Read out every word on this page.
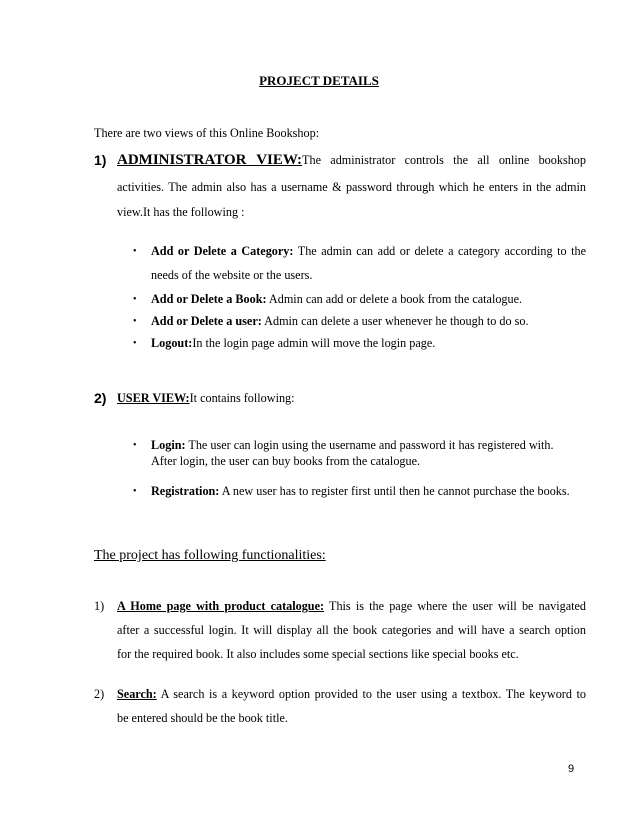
PROJECT DETAILS
There are two views of this Online Bookshop:
1) ADMINISTRATOR VIEW:The administrator controls the all online bookshop
activities. The admin also has a username & password through which he enters in the admin
view.It has the following :
• Add or Delete a Category: The admin can add or delete a category according to the
needs of the website or the users.
• Add or Delete a Book: Admin can add or delete a book from the catalogue.
• Add or Delete a user: Admin can delete a user whenever he though to do so.
• Logout:In the login page admin will move the login page.
2) USER VIEW:It contains following:
• Login: The user can login using the username and password it has registered with.
After login, the user can buy books from the catalogue.
• Registration: A new user has to register first until then he cannot purchase the books.
The project has following functionalities:
1) A Home page with product catalogue: This is the page where the user will be navigated
after a successful login. It will display all the book categories and will have a search option
for the required book. It also includes some special sections like special books etc.
2) Search: A search is a keyword option provided to the user using a textbox. The keyword to
be entered should be the book title.
9
